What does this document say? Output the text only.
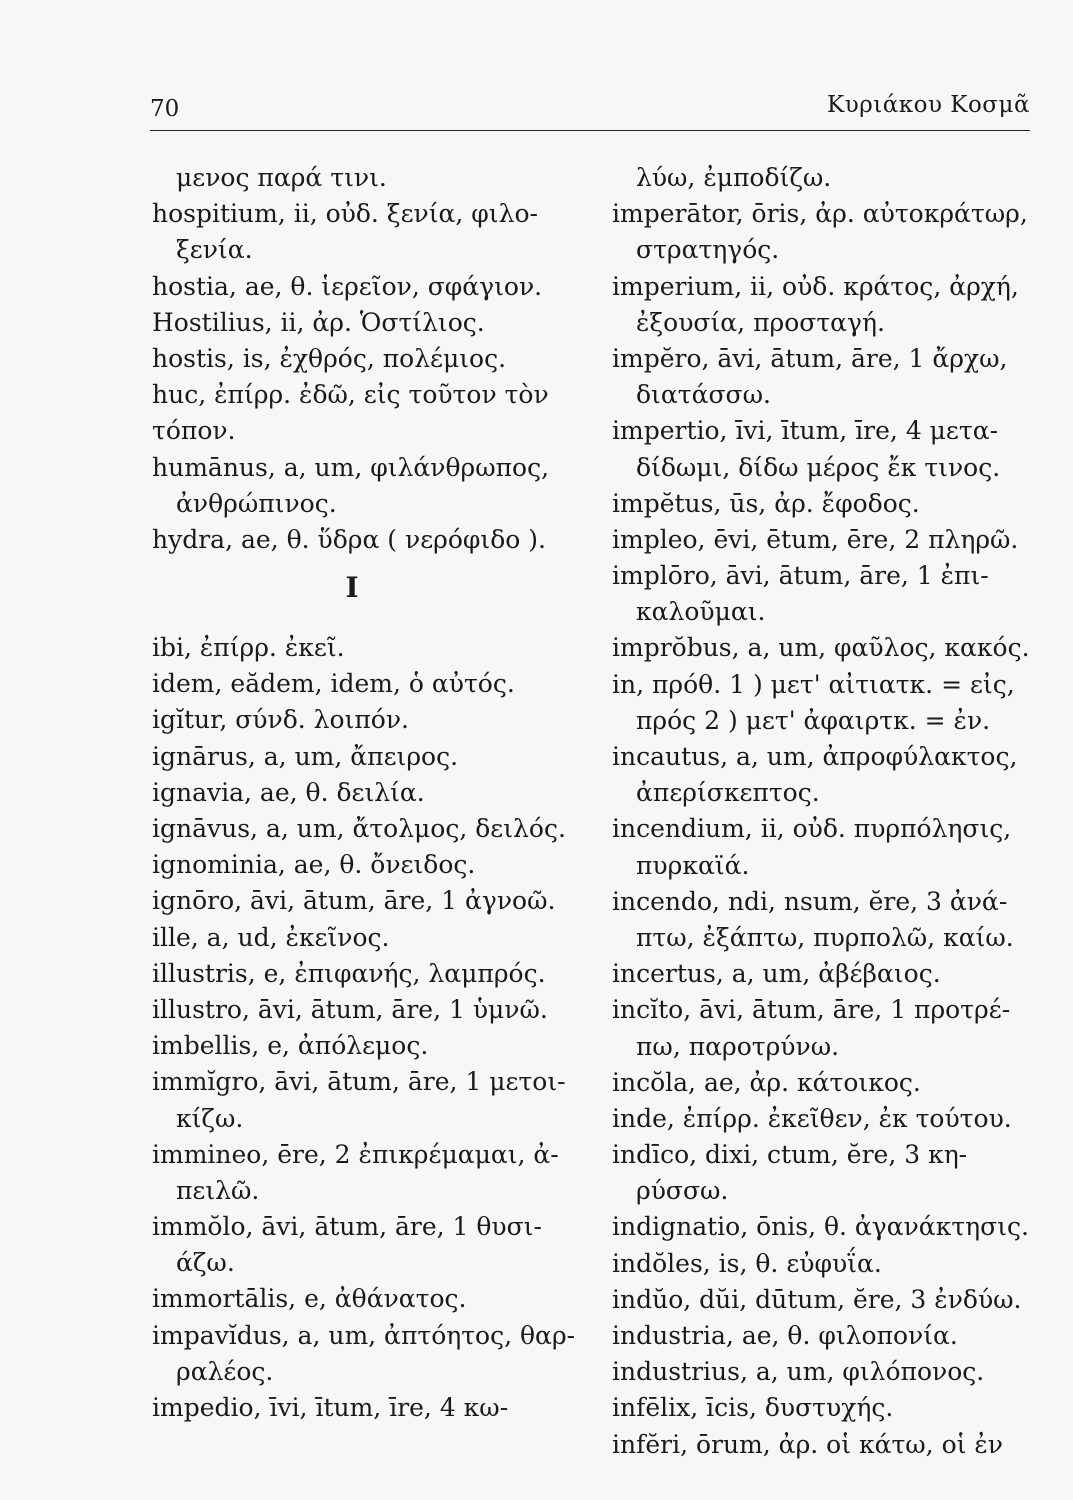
70	Κυριάκου Κοσμᾶ
μενος παρά τινι.
hospitium, ii, οὐδ. ξενία, φιλο-
ξενία.
hostia, ae, θ. ἱερεῖον, σφάγιον.
Hostilius, ii, ἀρ. Ὁστίλιος.
hostis, is, ἐχθρός, πολέμιος.
huc, ἐπίρρ. ἐδῶ, εἰς τοῦτον τὸν
τόπον.
humānus, a, um, φιλάνθρωπος,
ἀνθρώπινος.
hydra, ae, θ. ὕδρα ( νερόφιδο ).
I
ibi, ἐπίρρ. ἐκεῖ.
idem, eădem, idem, ὁ αὐτός.
igĭtur, σύνδ. λοιπόν.
ignārus, a, um, ἄπειρος.
ignavia, ae, θ. δειλία.
ignāvus, a, um, ἄτολμος, δειλός.
ignominia, ae, θ. ὄνειδος.
ignōro, āvi, ātum, āre, 1 ἀγνοῶ.
ille, a, ud, ἐκεῖνος.
illustris, e, ἐπιφανής, λαμπρός.
illustro, āvi, ātum, āre, 1 ὑμνῶ.
imbellis, e, ἀπόλεμος.
immĭgro, āvi, ātum, āre, 1 μετοι-
κίζω.
immineo, ēre, 2 ἐπικρέμαμαι, ἀ-
πειλῶ.
immŏlo, āvi, ātum, āre, 1 θυσι-
άζω.
immortālis, e, ἀθάνατος.
impavĭdus, a, um, ἀπτόητος, θαρ-
ραλέος.
impedio, īvi, ītum, īre, 4 κω-
λύω, ἐμποδίζω.
imperātor, ōris, ἀρ. αὐτοκράτωρ,
στρατηγός.
imperium, ii, οὐδ. κράτος, ἀρχή,
ἐξουσία, προσταγή.
impĕro, āvi, ātum, āre, 1 ἄρχω,
διατάσσω.
impertio, īvi, ītum, īre, 4 μετα-
δίδωμι, δίδω μέρος ἔκ τινος.
impĕtus, ūs, ἀρ. ἔφοδος.
impleo, ēvi, ētum, ēre, 2 πληρῶ.
implōro, āvi, ātum, āre, 1 ἐπι-
καλοῦμαι.
imprŏbus, a, um, φαῦλος, κακός.
in, πρόθ. 1 ) μετ' αἰτιατκ. = εἰς,
πρός 2 ) μετ' ἀφαιρτκ. = ἐν.
incautus, a, um, ἀπροφύλακτος,
ἀπερίσκεπτος.
incendium, ii, οὐδ. πυρπόλησις,
πυρκαϊά.
incendo, ndi, nsum, ĕre, 3 ἀνά-
πτω, ἐξάπτω, πυρπολῶ, καίω.
incertus, a, um, ἀβέβαιος.
incĭto, āvi, ātum, āre, 1 προτρέ-
πω, παροτρύνω.
incŏla, ae, ἀρ. κάτοικος.
inde, ἐπίρρ. ἐκεῖθεν, ἐκ τούτου.
indīco, dixi, ctum, ĕre, 3 κη-
ρύσσω.
indignatio, ōnis, θ. ἀγανάκτησις.
indŏles, is, θ. εὐφυΐα.
indŭo, dŭi, dūtum, ĕre, 3 ἐνδύω.
industria, ae, θ. φιλοπονία.
industrius, a, um, φιλόπονος.
infēlix, īcis, δυστυχής.
infĕri, ōrum, ἀρ. οἱ κάτω, οἱ ἐν
